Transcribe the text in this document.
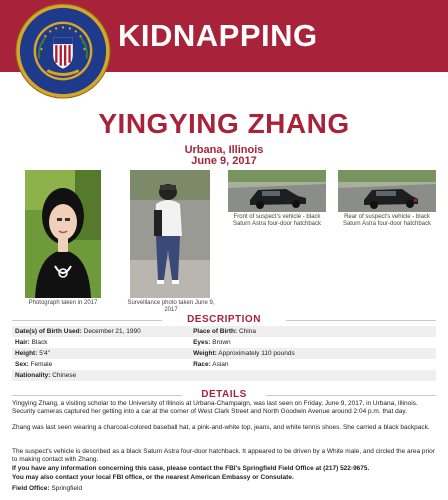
KIDNAPPING
YINGYING ZHANG
Urbana, Illinois
June 9, 2017
Photograph taken in 2017	Surveillance photo taken June 9, 2017
Front of suspect's vehicle - black Saturn Astra four-door hatchback
Rear of suspect's vehicle - black Saturn Astra four-door hatchback
DESCRIPTION
Date(s) of Birth Used: December 21, 1990	Place of Birth: China
Hair: Black	Eyes: Brown
Height: 5'4"	Weight: Approximately 110 pounds
Sex: Female	Race: Asian
Nationality: Chinese	
DETAILS
Yingying Zhang, a visiting scholar to the University of Illinois at Urbana-Champaign, was last seen on Friday, June 9, 2017, in Urbana, Illinois. Security cameras captured her getting into a car at the corner of West Clark Street and North Goodwin Avenue around 2:04 p.m. that day.
Zhang was last seen wearing a charcoal-colored baseball hat, a pink-and-white top, jeans, and white tennis shoes. She carried a black backpack.
The suspect's vehicle is described as a black Saturn Astra four-door hatchback. It appeared to be driven by a White male, and circled the area prior to making contact with Zhang.
If you have any information concerning this case, please contact the FBI's Springfield Field Office at (217) 522-9675.
You may also contact your local FBI office, or the nearest American Embassy or Consulate.
Field Office: Springfield
